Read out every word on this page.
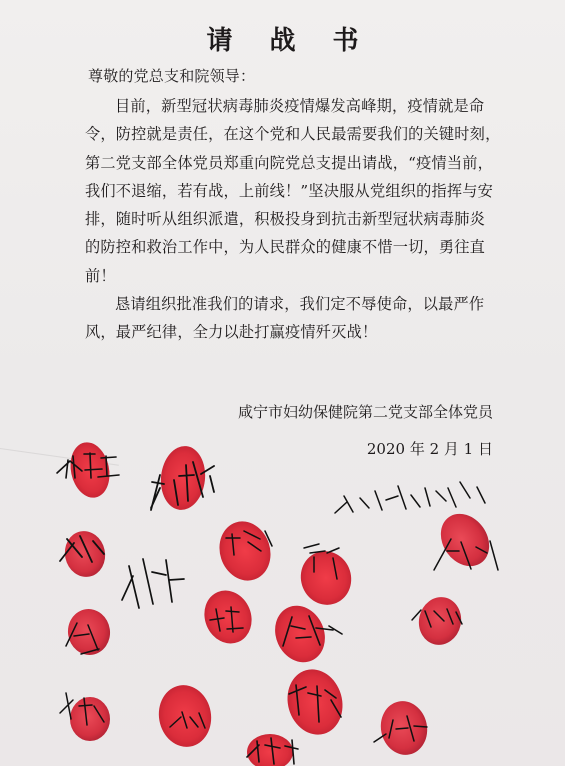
请 战 书
尊敬的党总支和院领导：
目前，新型冠状病毒肺炎疫情爆发高峰期，疫情就是命
令，防控就是责任，在这个党和人民最需要我们的关键时刻，
第二党支部全体党员郑重向院党总支提出请战，“疫情当前，
我们不退缩，若有战，上前线！”坚决服从党组织的指挥与安
排，随时听从组织派遣，积极投身到抗击新型冠状病毒肺炎
的防控和救治工作中，为人民群众的健康不惜一切，勇往直
前！
恳请组织批准我们的请求，我们定不辱使命，以最严作
风，最严纪律，全力以赴打赢疫情歼灭战！
咸宁市妇幼保健院第二党支部全体党员
2020 年 2 月 1 日
